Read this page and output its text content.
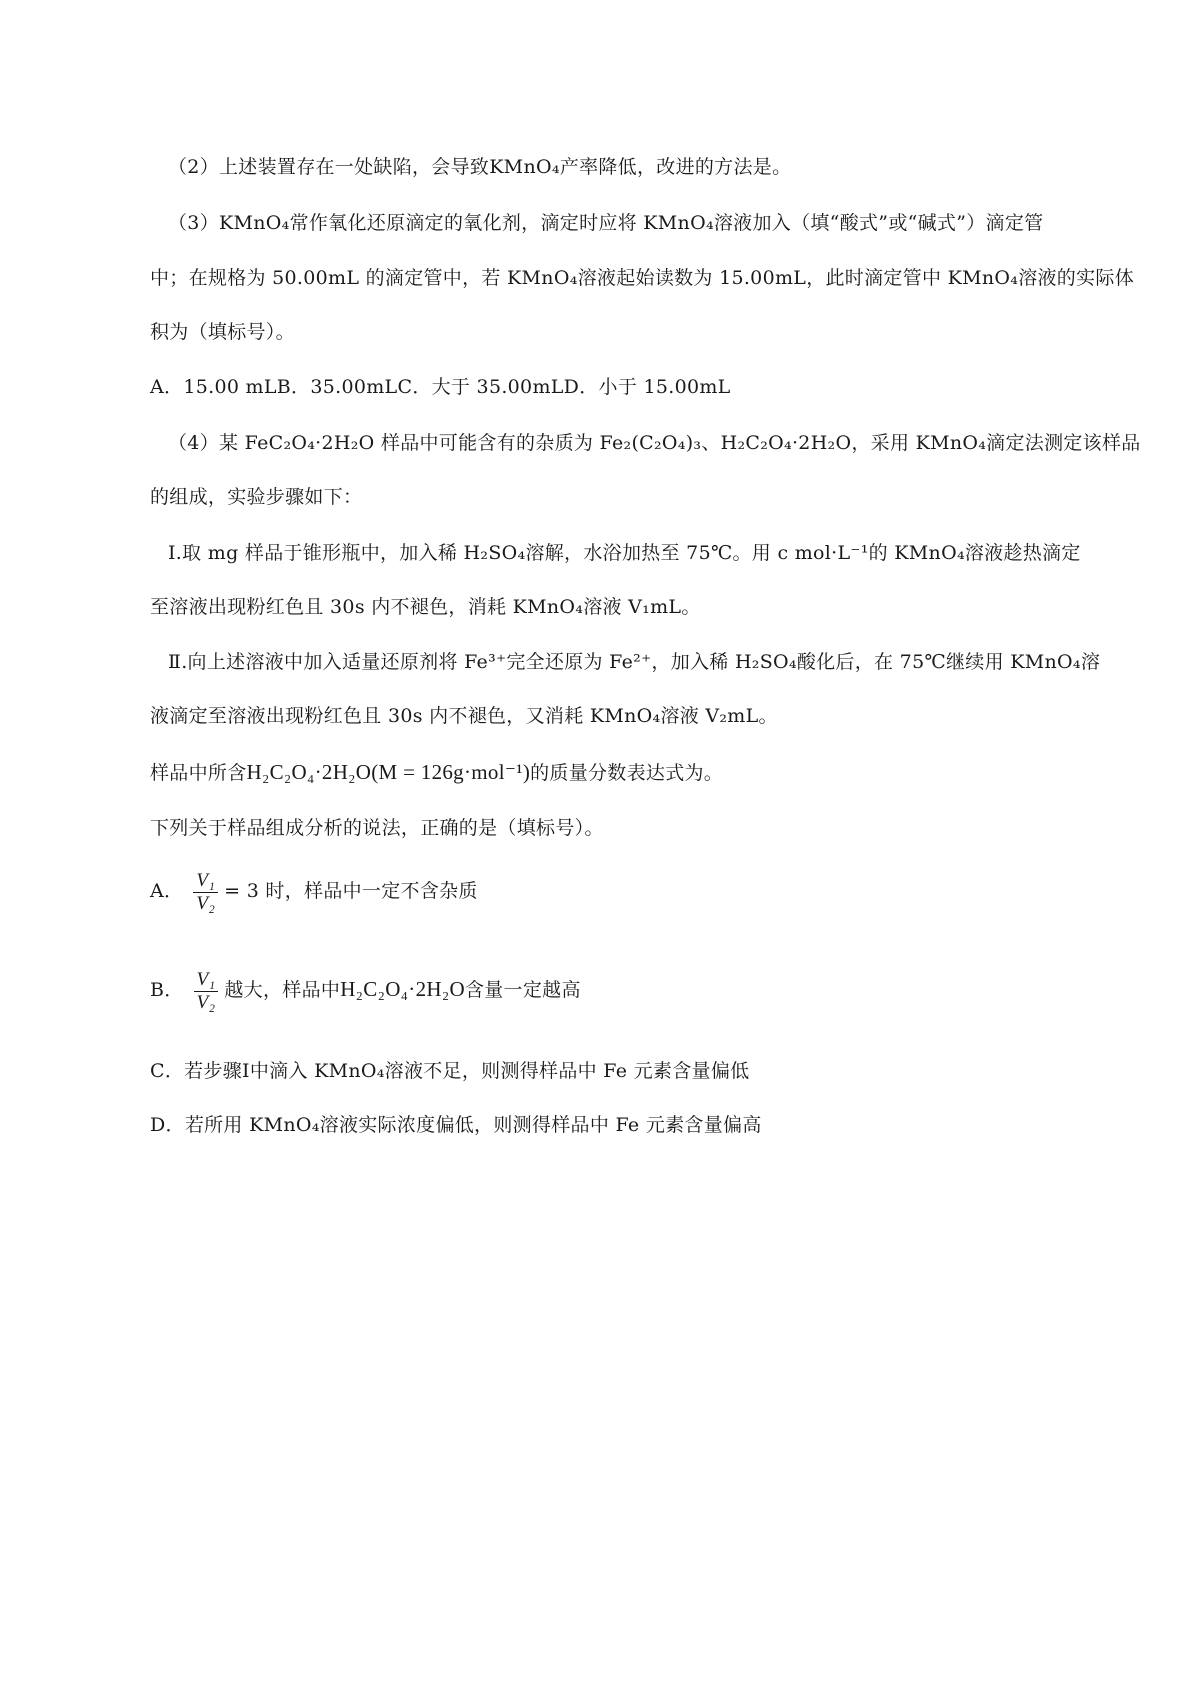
（2）上述装置存在一处缺陷，会导致KMnO₄产率降低，改进的方法是。
（3）KMnO₄常作氧化还原滴定的氧化剂，滴定时应将 KMnO₄溶液加入（填“酸式”或“碱式”）滴定管
中；在规格为 50.00mL 的滴定管中，若 KMnO₄溶液起始读数为 15.00mL，此时滴定管中 KMnO₄溶液的实际体
积为（填标号）。
A．15.00 mLB．35.00mLC．大于 35.00mLD．小于 15.00mL
（4）某 FeC₂O₄·2H₂O 样品中可能含有的杂质为 Fe₂(C₂O₄)₃、H₂C₂O₄·2H₂O，采用 KMnO₄滴定法测定该样品
的组成，实验步骤如下：
Ⅰ.取 mg 样品于锥形瓶中，加入稀 H₂SO₄溶解，水浴加热至 75℃。用 c mol·L⁻¹的 KMnO₄溶液趁热滴定
至溶液出现粉红色且 30s 内不褪色，消耗 KMnO₄溶液 V₁mL。
Ⅱ.向上述溶液中加入适量还原剂将 Fe³⁺完全还原为 Fe²⁺，加入稀 H₂SO₄酸化后，在 75℃继续用 KMnO₄溶
液滴定至溶液出现粉红色且 30s 内不褪色，又消耗 KMnO₄溶液 V₂mL。
样品中所含H₂C₂O₄·2H₂O(M = 126g·mol⁻¹)的质量分数表达式为。
下列关于样品组成分析的说法，正确的是（填标号）。
A． $\frac{\text{V₁}}{\text{V₂}} = 3$ 时，样品中一定不含杂质
B． $\frac{\text{V₁}}{\text{V₂}}$ 越大，样品中H₂C₂O₄·2H₂O含量一定越高
C．若步骤Ⅰ中滴入 KMnO₄溶液不足，则测得样品中 Fe 元素含量偏低
D．若所用 KMnO₄溶液实际浓度偏低，则测得样品中 Fe 元素含量偏高
